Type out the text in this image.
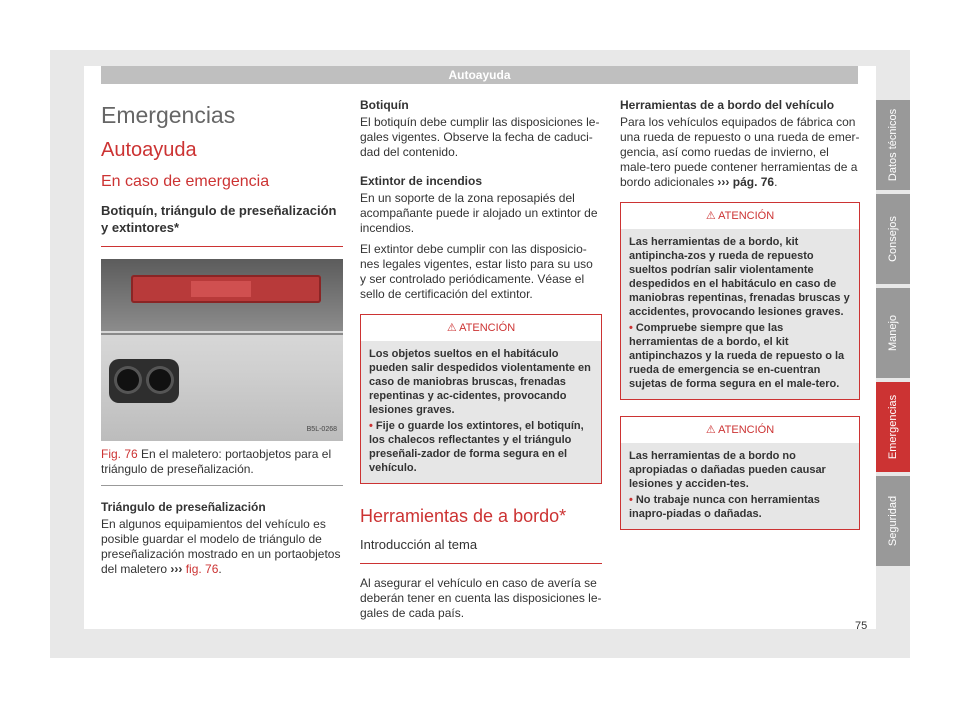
Autoayuda
Emergencias
Autoayuda
En caso de emergencia
Botiquín, triángulo de preseñalización y extintores*
B5L-0268
Fig. 76 En el maletero: portaobjetos para el triángulo de preseñalización.
Triángulo de preseñalización

En algunos equipamientos del vehículo es posible guardar el modelo de triángulo de preseñalización mostrado en un portaobjetos del maletero ››› fig. 76.

Botiquín

El botiquín debe cumplir las disposiciones le-gales vigentes. Observe la fecha de caduci-dad del contenido.

Extintor de incendios

En un soporte de la zona reposapiés del acompañante puede ir alojado un extintor de incendios.

El extintor debe cumplir con las disposicio-nes legales vigentes, estar listo para su uso y ser controlado periódicamente. Véase el sello de certificación del extintor.

⚠ ATENCIÓN
Los objetos sueltos en el habitáculo pueden salir despedidos violentamente en caso de maniobras bruscas, frenadas repentinas y ac-cidentes, provocando lesiones graves.
• Fije o guarde los extintores, el botiquín, los chalecos reflectantes y el triángulo preseñali-zador de forma segura en el vehículo.
Herramientas de a bordo*
Introducción al tema

Al asegurar el vehículo en caso de avería se deberán tener en cuenta las disposiciones le-gales de cada país.

Herramientas de a bordo del vehículo

Para los vehículos equipados de fábrica con una rueda de repuesto o una rueda de emer-gencia, así como ruedas de invierno, el male-tero puede contener herramientas de a bordo adicionales ››› pág. 76.

⚠ ATENCIÓN
Las herramientas de a bordo, kit antipincha-zos y rueda de repuesto sueltos podrían salir violentamente despedidos en el habitáculo en caso de maniobras repentinas, frenadas bruscas y accidentes, provocando lesiones graves.
• Compruebe siempre que las herramientas de a bordo, el kit antipinchazos y la rueda de repuesto o la rueda de emergencia se en-cuentran sujetas de forma segura en el male-tero.
⚠ ATENCIÓN
Las herramientas de a bordo no apropiadas o dañadas pueden causar lesiones y acciden-tes.
• No trabaje nunca con herramientas inapro-piadas o dañadas.
Datos técnicos
Consejos
Manejo
Emergencias
Seguridad
75
